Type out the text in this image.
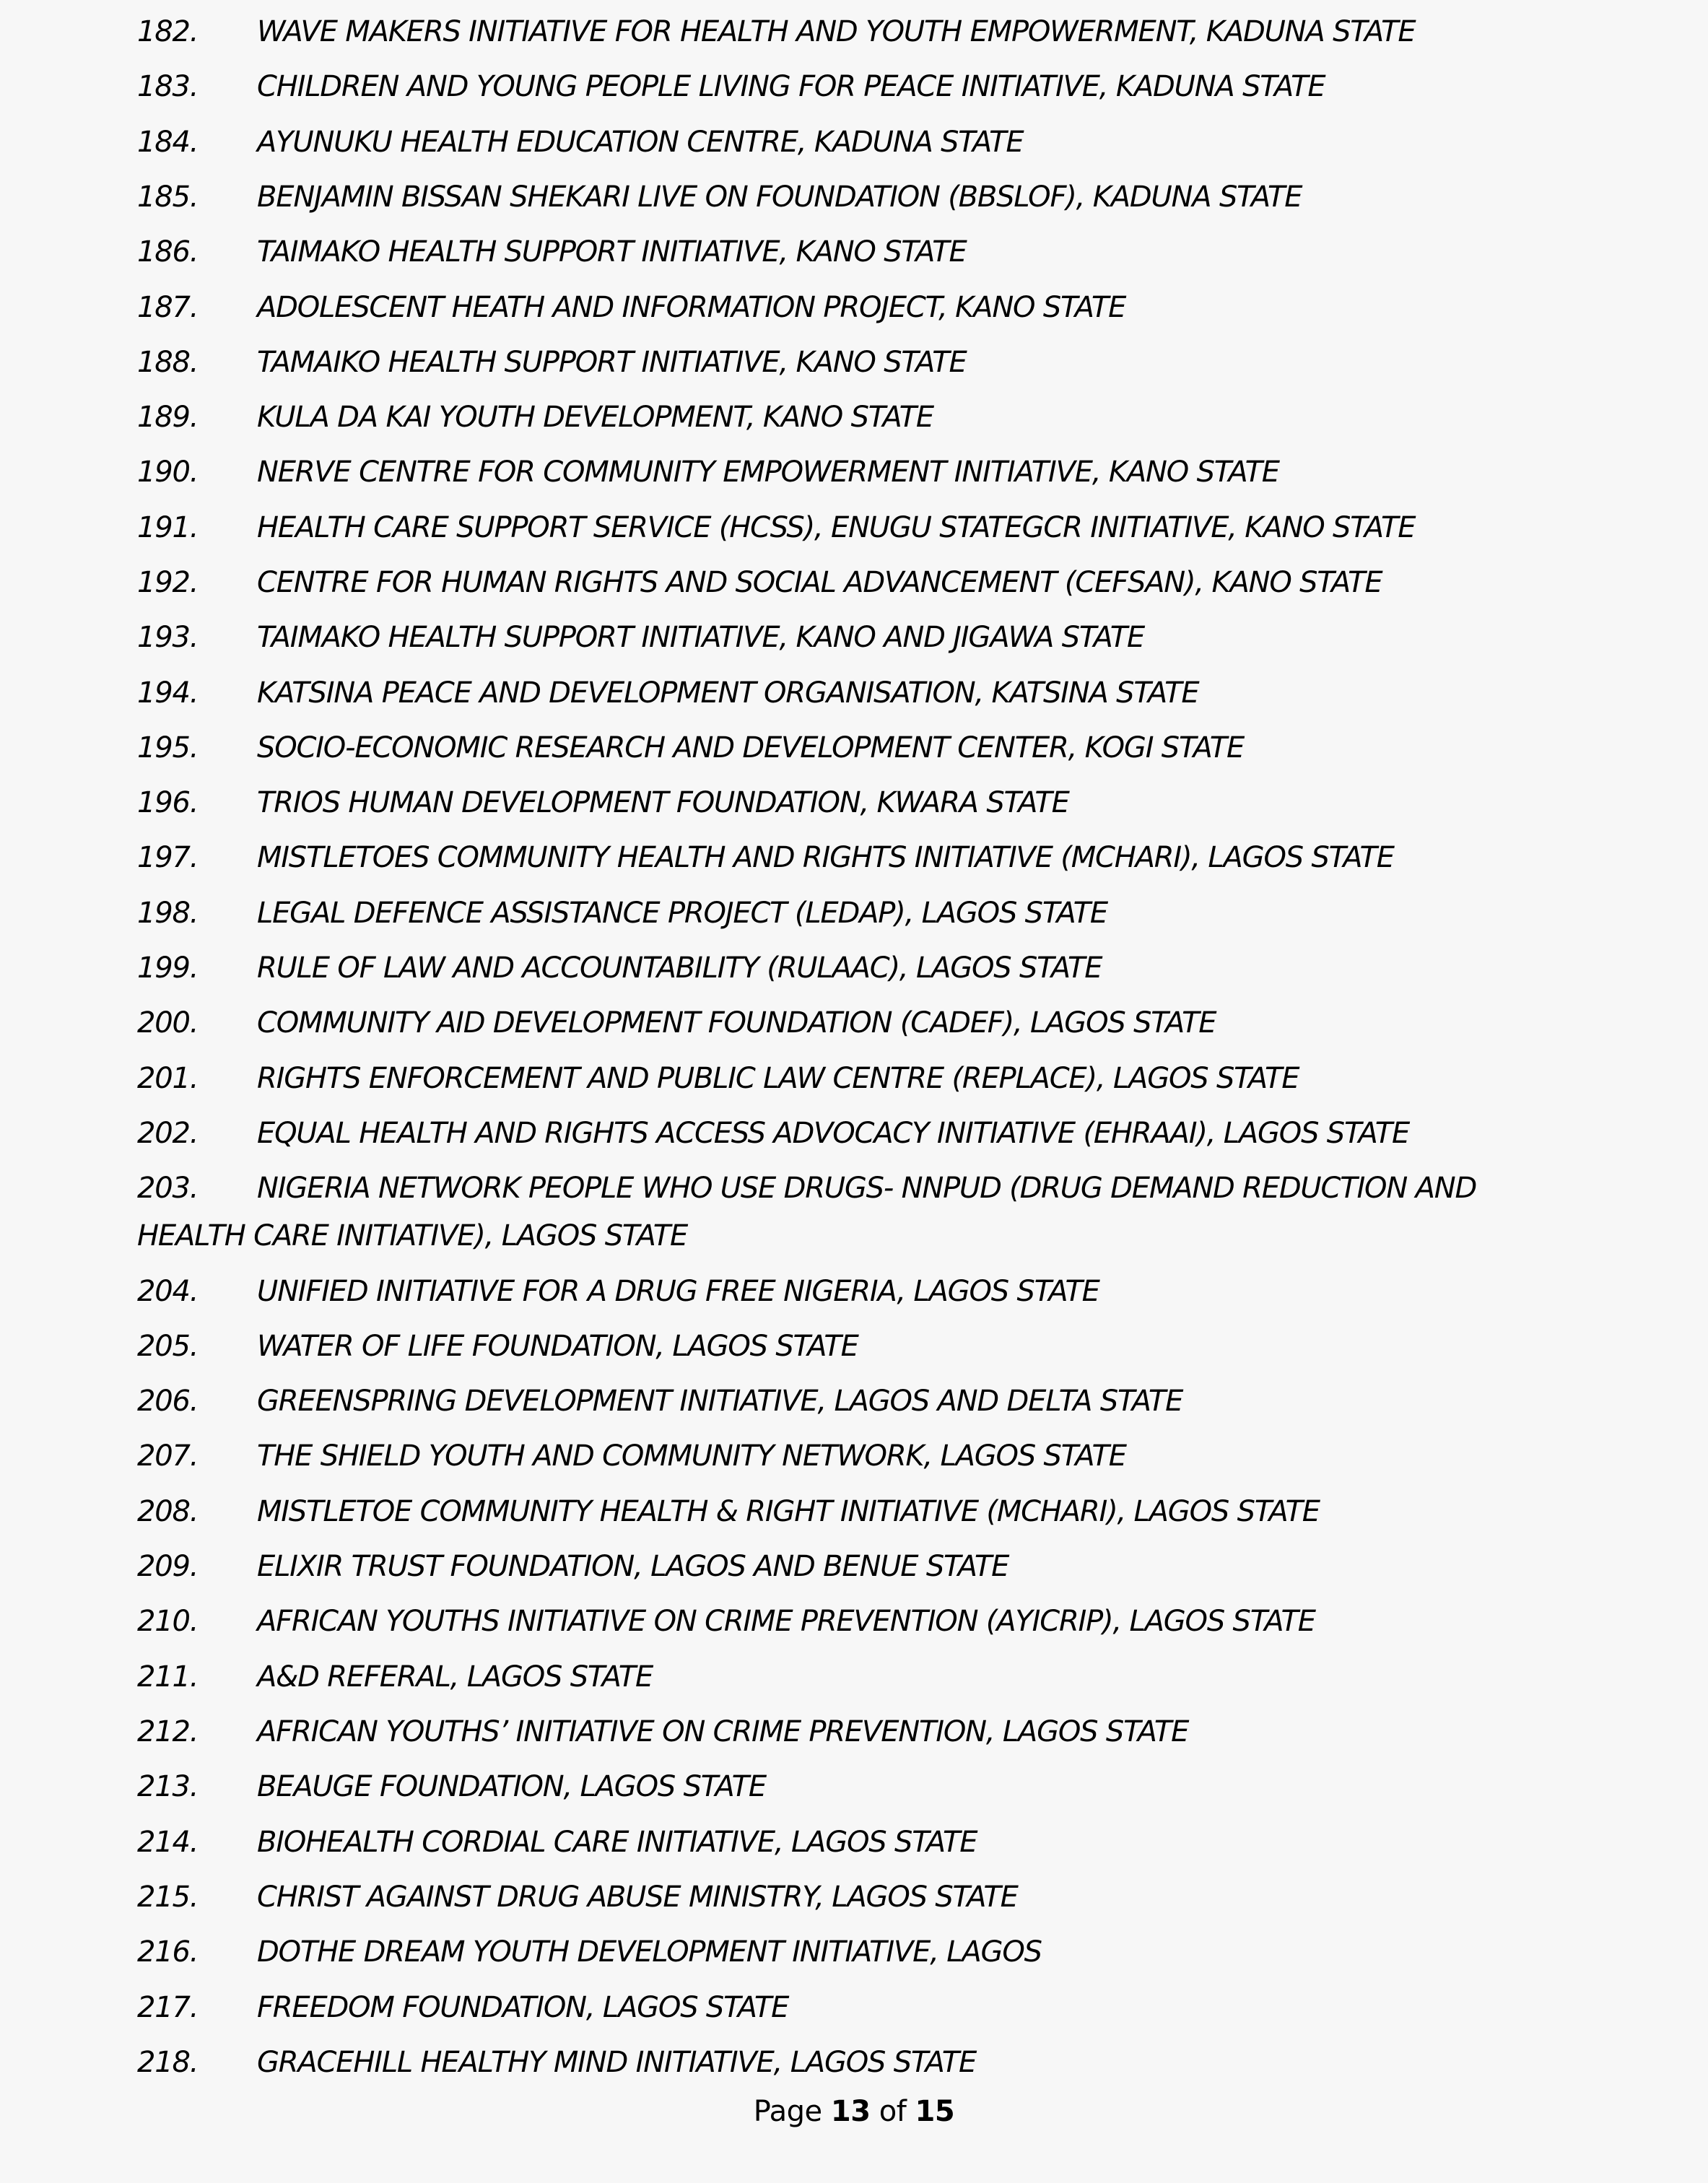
182. WAVE MAKERS INITIATIVE FOR HEALTH AND YOUTH EMPOWERMENT, KADUNA STATE
183. CHILDREN AND YOUNG PEOPLE LIVING FOR PEACE INITIATIVE, KADUNA STATE
184. AYUNUKU HEALTH EDUCATION CENTRE, KADUNA STATE
185. BENJAMIN BISSAN SHEKARI LIVE ON FOUNDATION (BBSLOF), KADUNA STATE
186. TAIMAKO HEALTH SUPPORT INITIATIVE, KANO STATE
187. ADOLESCENT HEATH AND INFORMATION PROJECT, KANO STATE
188. TAMAIKO HEALTH SUPPORT INITIATIVE, KANO STATE
189. KULA DA KAI YOUTH DEVELOPMENT, KANO STATE
190. NERVE CENTRE FOR COMMUNITY EMPOWERMENT INITIATIVE, KANO STATE
191. HEALTH CARE SUPPORT SERVICE (HCSS), ENUGU STATEGCR INITIATIVE, KANO STATE
192. CENTRE FOR HUMAN RIGHTS AND SOCIAL ADVANCEMENT (CEFSAN), KANO STATE
193. TAIMAKO HEALTH SUPPORT INITIATIVE, KANO AND JIGAWA STATE
194. KATSINA PEACE AND DEVELOPMENT ORGANISATION, KATSINA STATE
195. SOCIO-ECONOMIC RESEARCH AND DEVELOPMENT CENTER, KOGI STATE
196. TRIOS HUMAN DEVELOPMENT FOUNDATION, KWARA STATE
197. MISTLETOES COMMUNITY HEALTH AND RIGHTS INITIATIVE (MCHARI), LAGOS STATE
198. LEGAL DEFENCE ASSISTANCE PROJECT (LEDAP), LAGOS STATE
199. RULE OF LAW AND ACCOUNTABILITY (RULAAC), LAGOS STATE
200. COMMUNITY AID DEVELOPMENT FOUNDATION (CADEF), LAGOS STATE
201. RIGHTS ENFORCEMENT AND PUBLIC LAW CENTRE (REPLACE), LAGOS STATE
202. EQUAL HEALTH AND RIGHTS ACCESS ADVOCACY INITIATIVE (EHRAAI), LAGOS STATE
203. NIGERIA NETWORK PEOPLE WHO USE DRUGS- NNPUD (DRUG DEMAND REDUCTION AND
HEALTH CARE INITIATIVE), LAGOS STATE
204. UNIFIED INITIATIVE FOR A DRUG FREE NIGERIA, LAGOS STATE
205. WATER OF LIFE FOUNDATION, LAGOS STATE
206. GREENSPRING DEVELOPMENT INITIATIVE, LAGOS AND DELTA STATE
207. THE SHIELD YOUTH AND COMMUNITY NETWORK, LAGOS STATE
208. MISTLETOE COMMUNITY HEALTH & RIGHT INITIATIVE (MCHARI), LAGOS STATE
209. ELIXIR TRUST FOUNDATION, LAGOS AND BENUE STATE
210. AFRICAN YOUTHS INITIATIVE ON CRIME PREVENTION (AYICRIP), LAGOS STATE
211. A&D REFERAL, LAGOS STATE
212. AFRICAN YOUTHS’ INITIATIVE ON CRIME PREVENTION, LAGOS STATE
213. BEAUGE FOUNDATION, LAGOS STATE
214. BIOHEALTH CORDIAL CARE INITIATIVE, LAGOS STATE
215. CHRIST AGAINST DRUG ABUSE MINISTRY, LAGOS STATE
216. DOTHE DREAM YOUTH DEVELOPMENT INITIATIVE, LAGOS
217. FREEDOM FOUNDATION, LAGOS STATE
218. GRACEHILL HEALTHY MIND INITIATIVE, LAGOS STATE
Page 13 of 15
